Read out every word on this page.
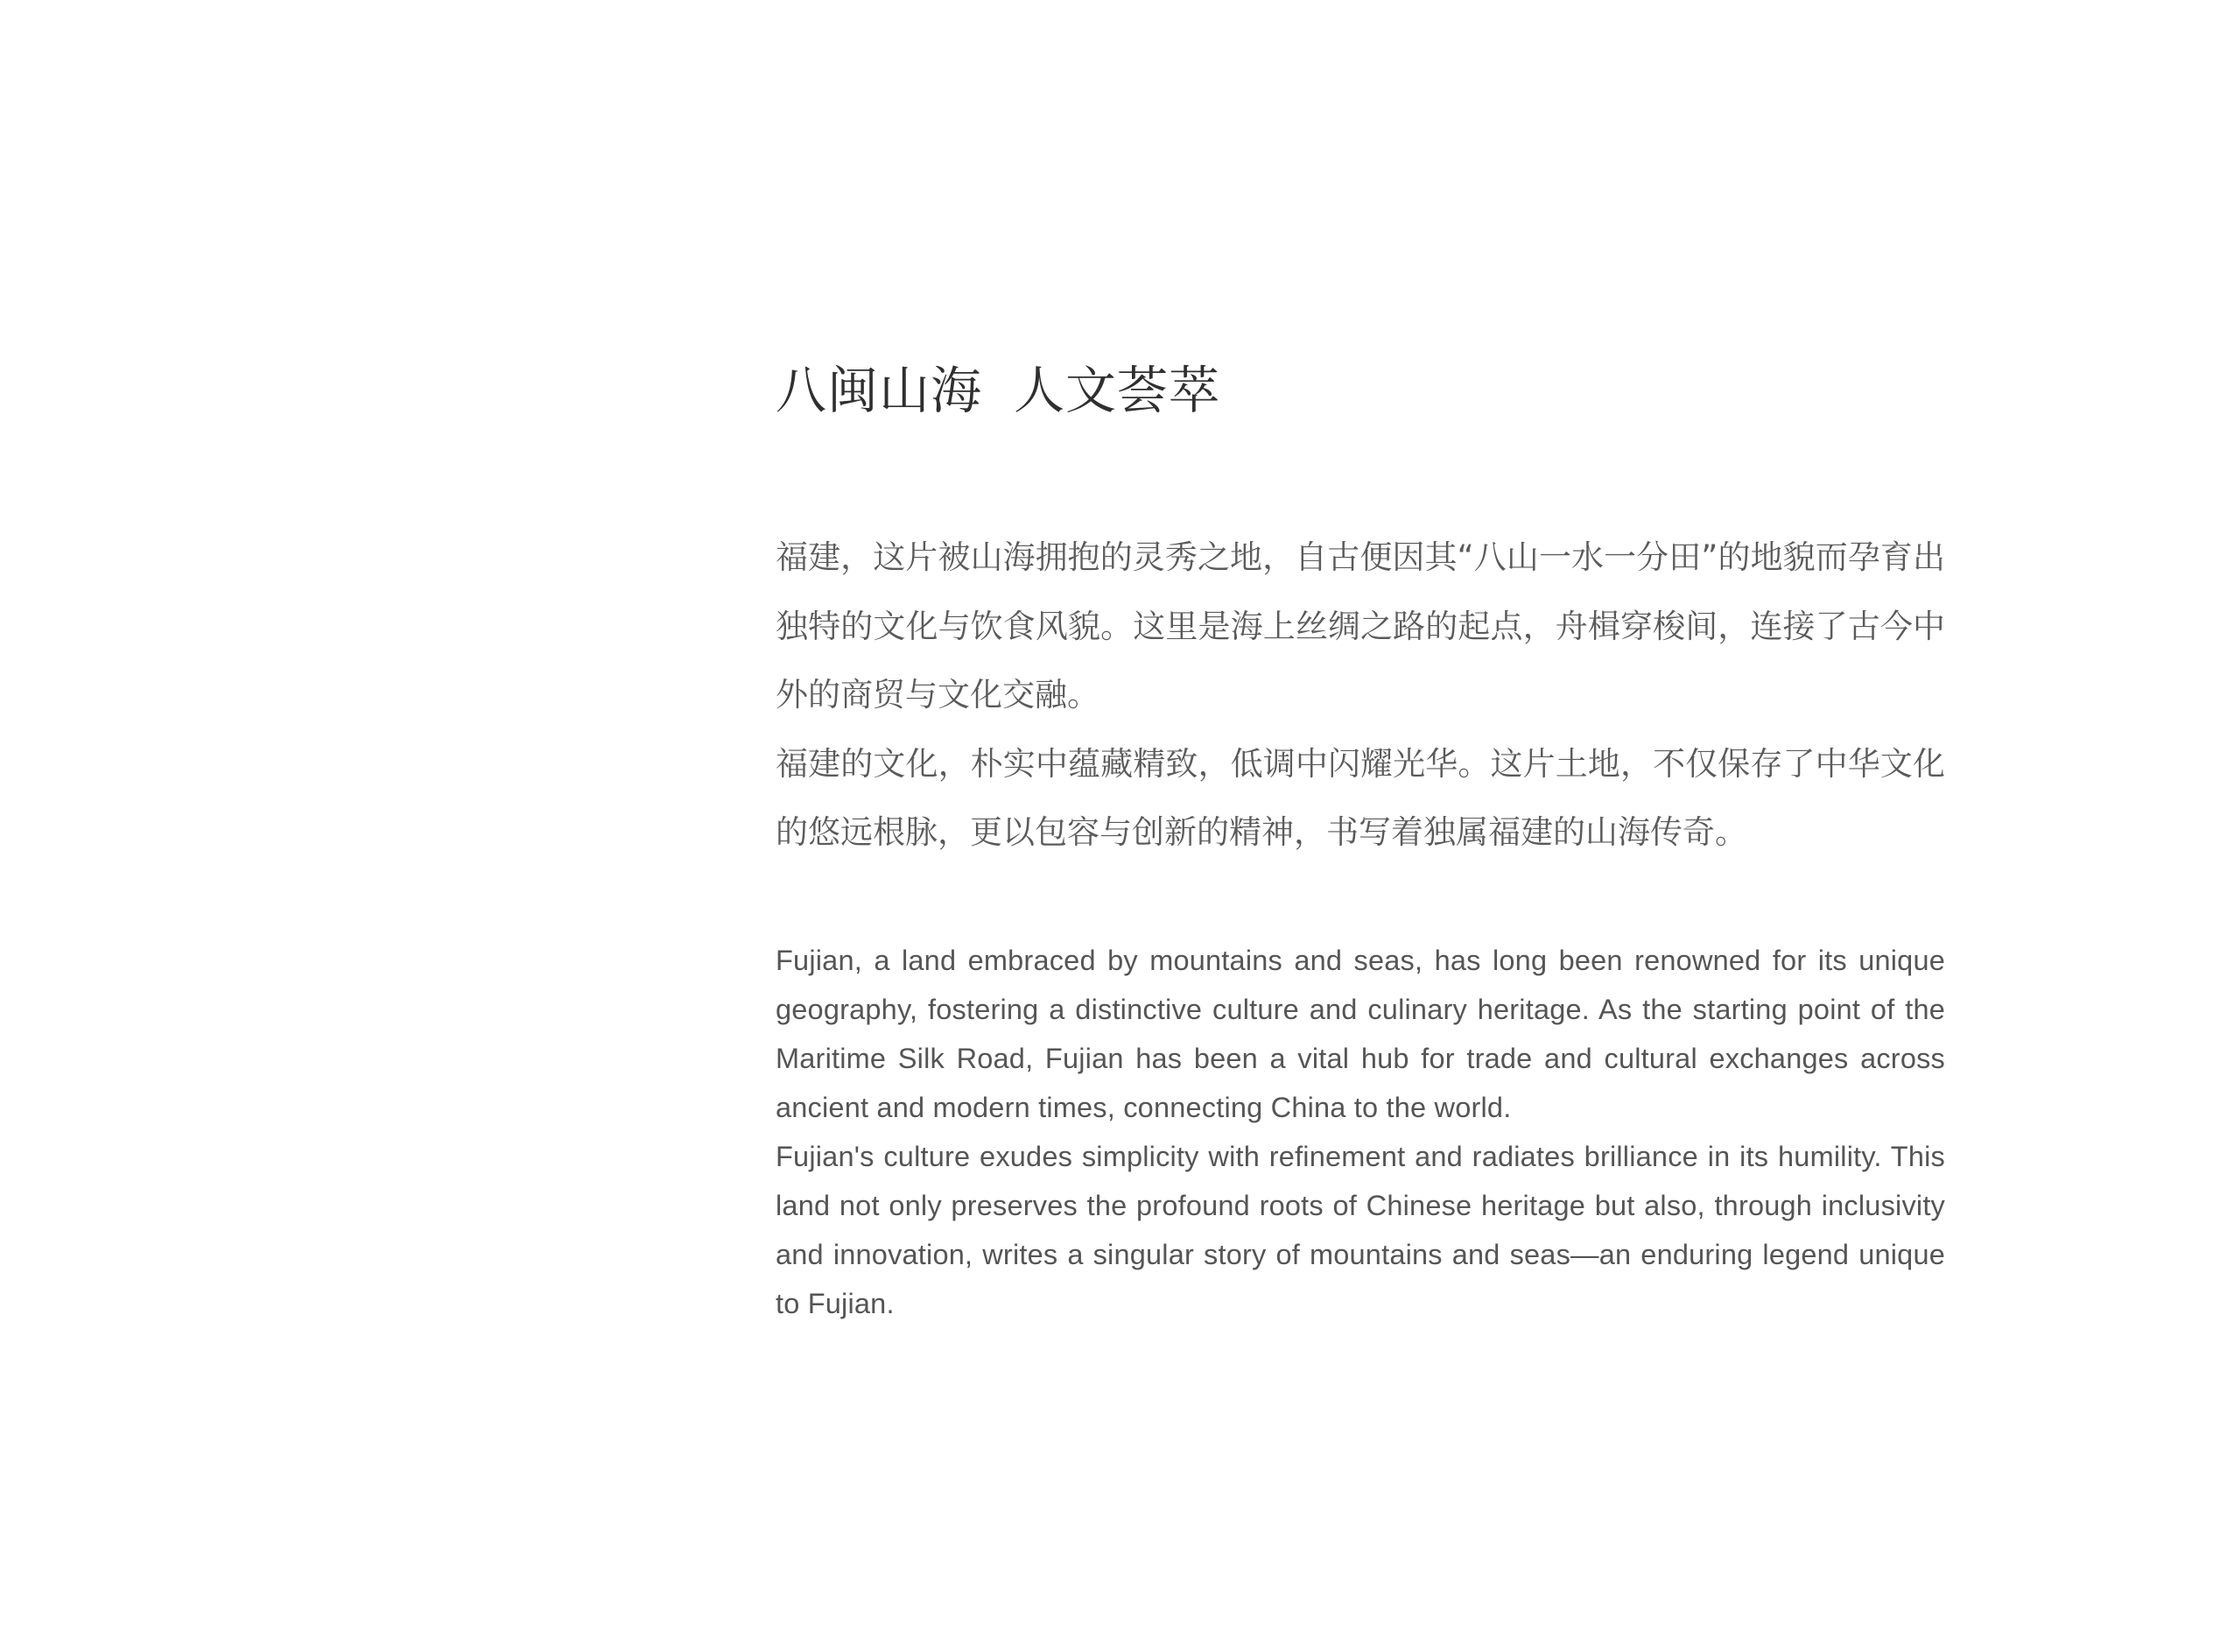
八闽山海 人文荟萃

福建，这片被山海拥抱的灵秀之地，自古便因其“八山一水一分田”的地貌而孕育出独特的文化与饮食风貌。这里是海上丝绸之路的起点，舟楫穿梭间，连接了古今中外的商贸与文化交融。

福建的文化，朴实中蕴藏精致，低调中闪耀光华。这片土地，不仅保存了中华文化的悠远根脉，更以包容与创新的精神，书写着独属福建的山海传奇。

Fujian, a land embraced by mountains and seas, has long been renowned for its unique geography, fostering a distinctive culture and culinary heritage. As the starting point of the Maritime Silk Road, Fujian has been a vital hub for trade and cultural exchanges across ancient and modern times, connecting China to the world.

Fujian's culture exudes simplicity with refinement and radiates brilliance in its humility. This land not only preserves the profound roots of Chinese heritage but also, through inclusivity and innovation, writes a singular story of mountains and seas—an enduring legend unique to Fujian.
